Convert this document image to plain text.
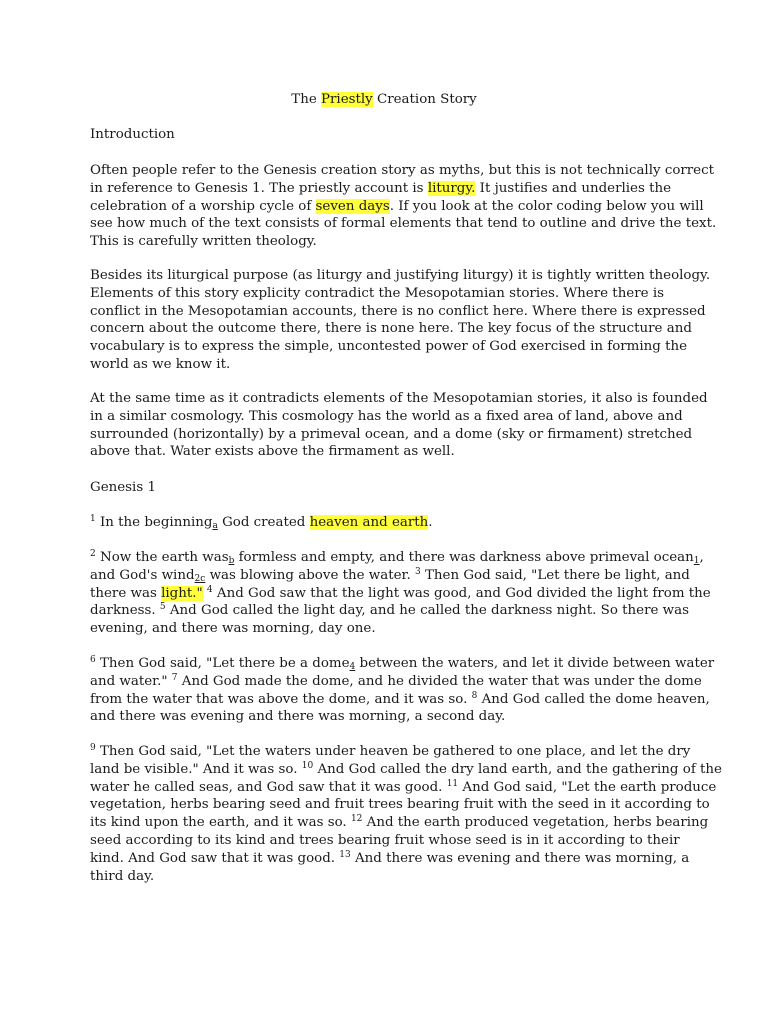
The Priestly Creation Story
Introduction
Often people refer to the Genesis creation story as myths, but this is not technically correct
in reference to Genesis 1. The priestly account is liturgy. It justifies and underlies the
celebration of a worship cycle of seven days. If you look at the color coding below you will
see how much of the text consists of formal elements that tend to outline and drive the text.
This is carefully written theology.
Besides its liturgical purpose (as liturgy and justifying liturgy) it is tightly written theology.
Elements of this story explicity contradict the Mesopotamian stories. Where there is
conflict in the Mesopotamian accounts, there is no conflict here. Where there is expressed
concern about the outcome there, there is none here. The key focus of the structure and
vocabulary is to express the simple, uncontested power of God exercised in forming the
world as we know it.
At the same time as it contradicts elements of the Mesopotamian stories, it also is founded
in a similar cosmology. This cosmology has the world as a fixed area of land, above and
surrounded (horizontally) by a primeval ocean, and a dome (sky or firmament) stretched
above that. Water exists above the firmament as well.
Genesis 1
$^1$ In the beginning$_a$ God created heaven and earth.
$^2$ Now the earth was$_b$ formless and empty, and there was darkness above primeval ocean$_1$,
and God's wind$_{2c}$ was blowing above the water. $^3$ Then God said, "Let there be light, and
there was light." $^4$ And God saw that the light was good, and God divided the light from the
darkness. $^5$ And God called the light day, and he called the darkness night. So there was
evening, and there was morning, day one.
$^6$ Then God said, "Let there be a dome$_4$ between the waters, and let it divide between water
and water." $^7$ And God made the dome, and he divided the water that was under the dome
from the water that was above the dome, and it was so. $^8$ And God called the dome heaven,
and there was evening and there was morning, a second day.
$^9$ Then God said, "Let the waters under heaven be gathered to one place, and let the dry
land be visible." And it was so. $^{10}$ And God called the dry land earth, and the gathering of the
water he called seas, and God saw that it was good. $^{11}$ And God said, "Let the earth produce
vegetation, herbs bearing seed and fruit trees bearing fruit with the seed in it according to
its kind upon the earth, and it was so. $^{12}$ And the earth produced vegetation, herbs bearing
seed according to its kind and trees bearing fruit whose seed is in it according to their
kind. And God saw that it was good. $^{13}$ And there was evening and there was morning, a
third day.
